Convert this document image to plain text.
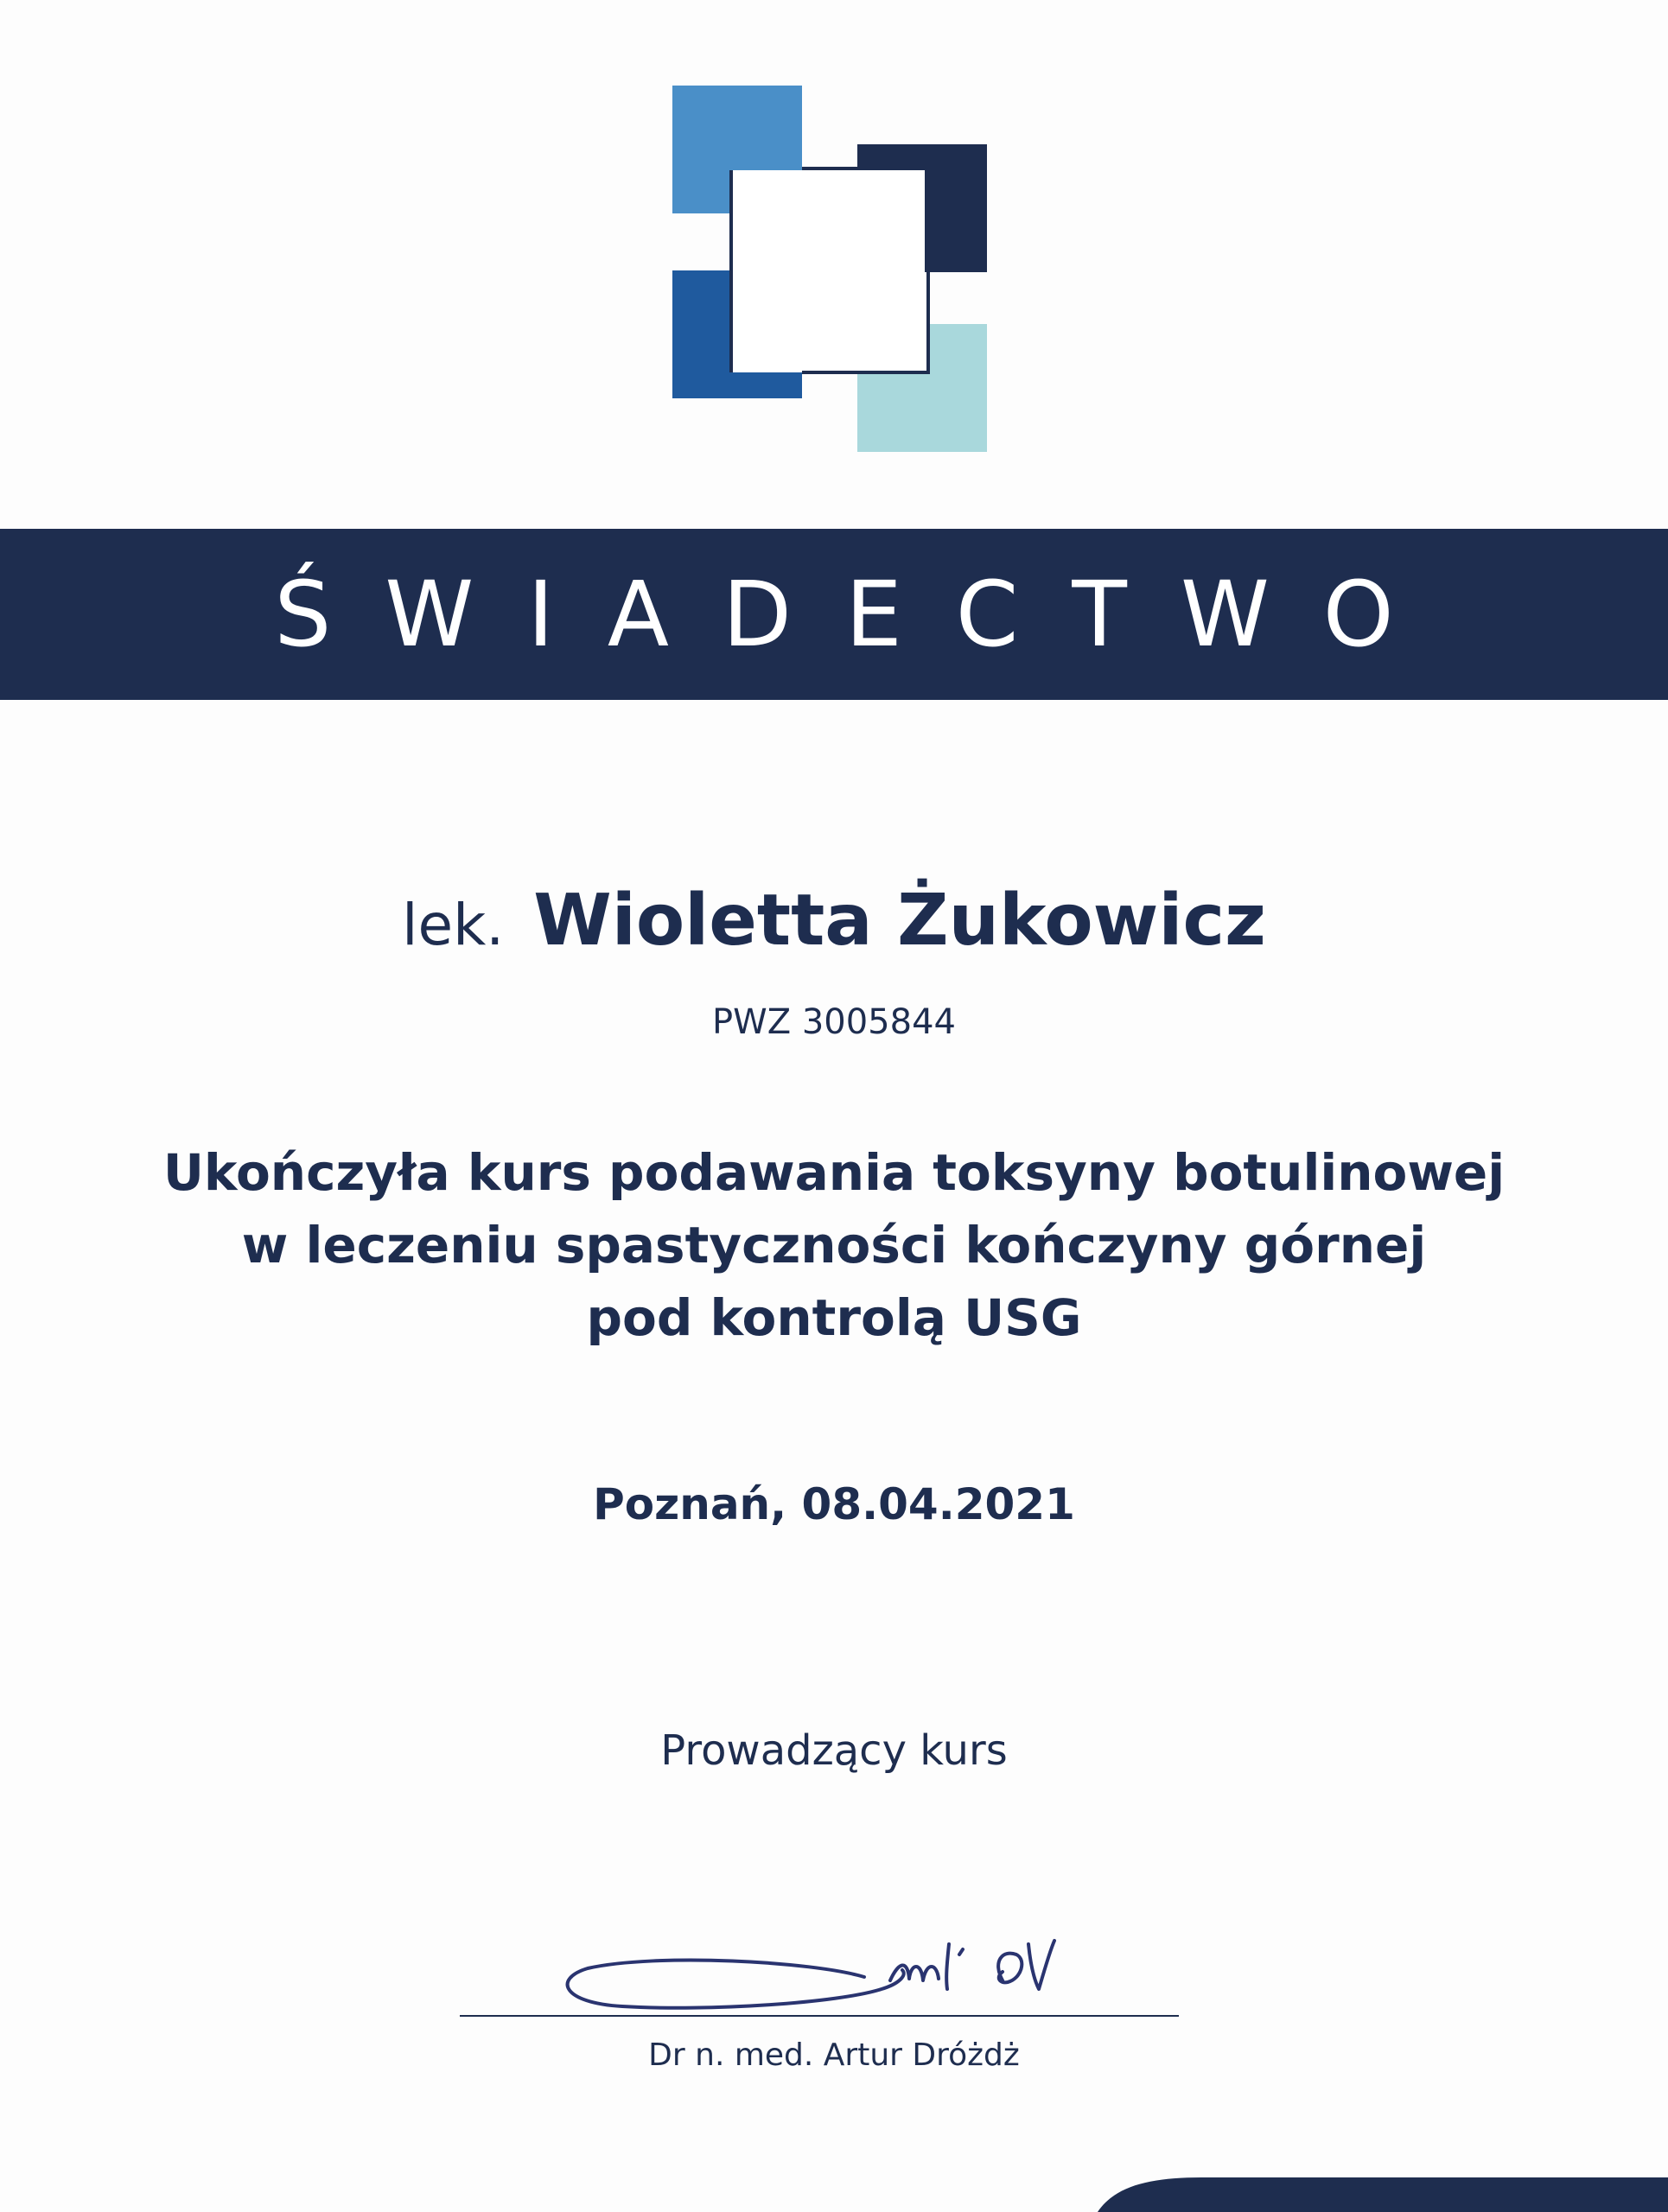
ŚWIADECTWO
lek. Wioletta Żukowicz
PWZ 3005844
Ukończyła kurs podawania toksyny botulinowej
w leczeniu spastyczności kończyny górnej
pod kontrolą USG
Poznań, 08.04.2021
Prowadzący kurs
Dr n. med. Artur Dróżdż
